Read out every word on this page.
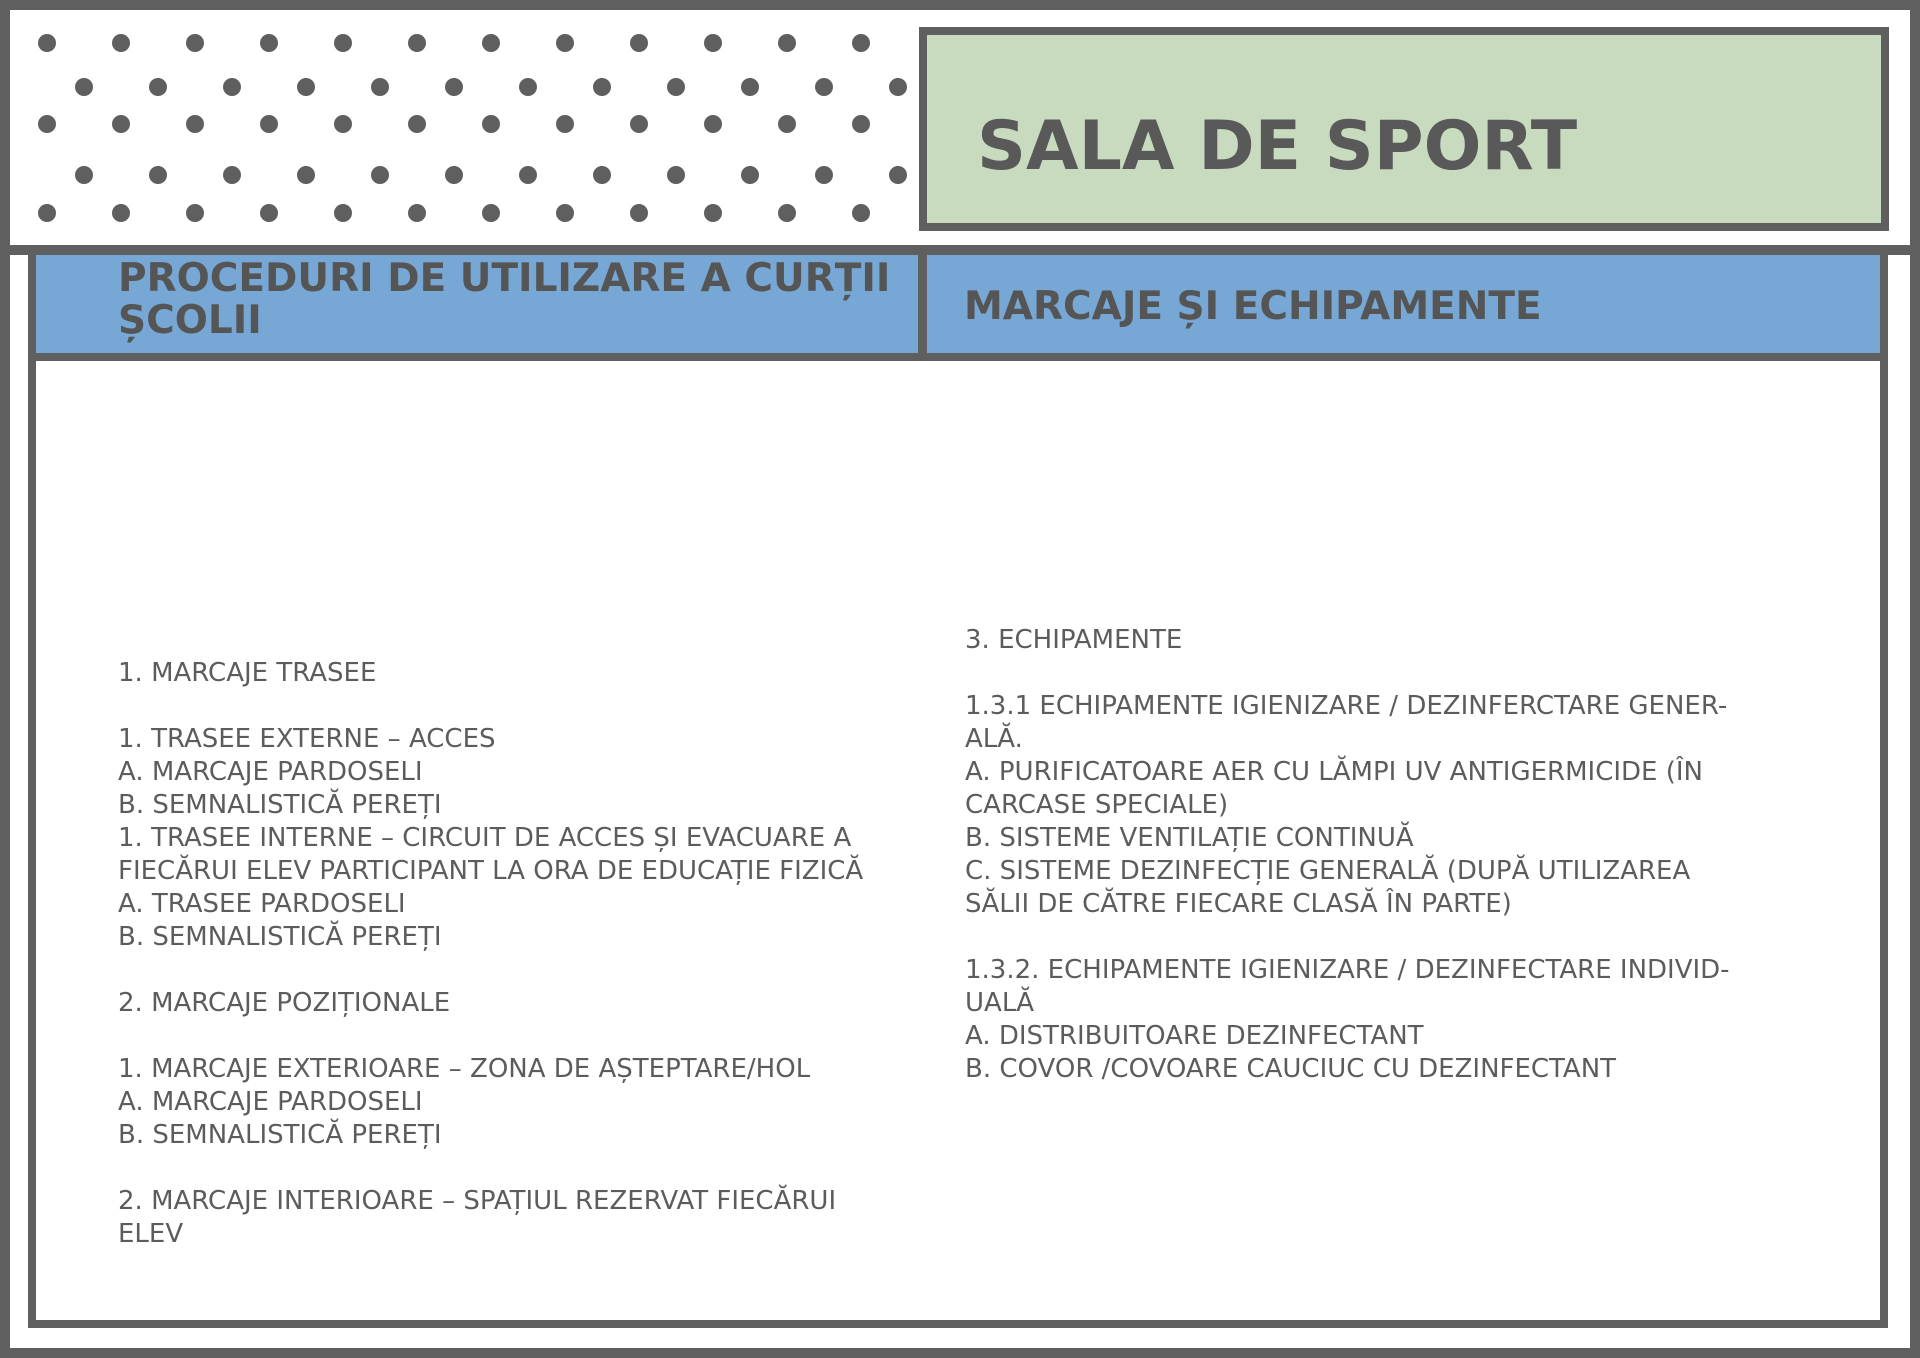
SALA DE SPORT
PROCEDURI DE UTILIZARE A CURȚII ȘCOLII	MARCAJE ȘI ECHIPAMENTE
1. MARCAJE TRASEE
1. TRASEE EXTERNE – ACCES
A. MARCAJE PARDOSELI
B. SEMNALISTICĂ PEREȚI
1. TRASEE INTERNE – CIRCUIT DE ACCES ȘI EVACUARE A
FIECĂRUI ELEV PARTICIPANT LA ORA DE EDUCAȚIE FIZICĂ
A. TRASEE PARDOSELI
B. SEMNALISTICĂ PEREȚI
2. MARCAJE POZIȚIONALE
1. MARCAJE EXTERIOARE – ZONA DE AȘTEPTARE/HOL
A. MARCAJE PARDOSELI
B. SEMNALISTICĂ PEREȚI
2. MARCAJE INTERIOARE – SPAȚIUL REZERVAT FIECĂRUI
ELEV
3. ECHIPAMENTE
1.3.1 ECHIPAMENTE IGIENIZARE / DEZINFERCTARE GENER-
ALĂ.
A. PURIFICATOARE AER CU LĂMPI UV ANTIGERMICIDE (ÎN
CARCASE SPECIALE)
B. SISTEME VENTILAȚIE CONTINUĂ
C. SISTEME DEZINFECȚIE GENERALĂ (DUPĂ UTILIZAREA
SĂLII DE CĂTRE FIECARE CLASĂ ÎN PARTE)
1.3.2. ECHIPAMENTE IGIENIZARE / DEZINFECTARE INDIVID-
UALĂ
A. DISTRIBUITOARE DEZINFECTANT
B. COVOR /COVOARE CAUCIUC CU DEZINFECTANT
